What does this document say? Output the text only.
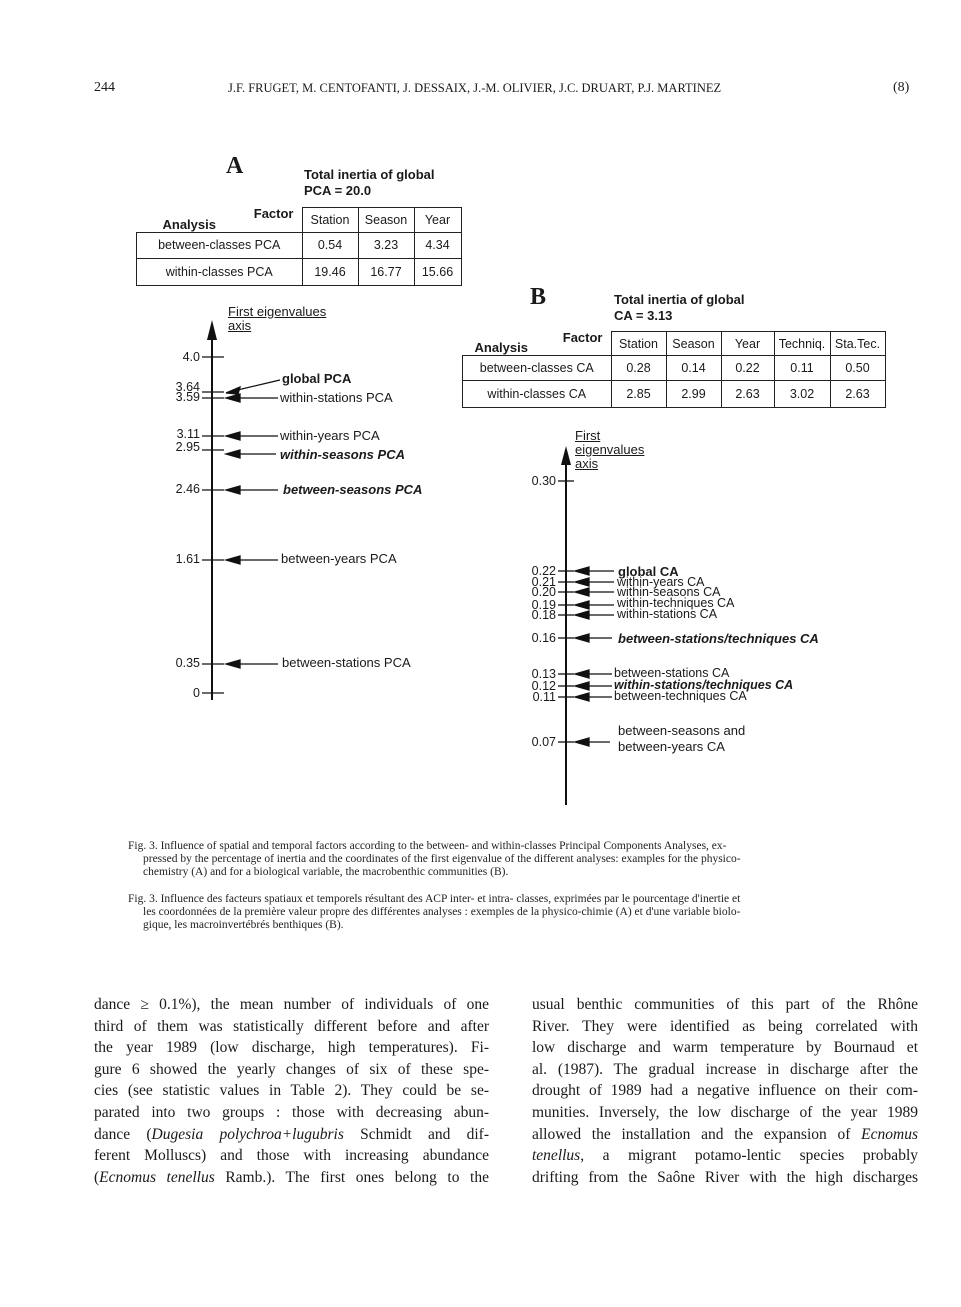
244	J.F. FRUGET, M. CENTOFANTI, J. DESSAIX, J.-M. OLIVIER, J.C. DRUART, P.J. MARTINEZ	(8)
A	Total inertia of global
PCA = 20.0
Factor
Analysis	Station	Season	Year
between-classes PCA	0.54	3.23	4.34
within-classes PCA	19.46	16.77	15.66
First eigenvalues
axis
4.0
3.64
3.59
3.11
2.95
2.46
1.61
0.35
0
global PCA
within-stations PCA
within-years PCA
within-seasons PCA
between-seasons PCA
between-years PCA
between-stations PCA
B	Total inertia of global
CA = 3.13
Factor
Analysis	Station	Season	Year	Techniq.	Sta.Tec.
between-classes CA	0.28	0.14	0.22	0.11	0.50
within-classes CA	2.85	2.99	2.63	3.02	2.63
First
eigenvalues
axis
0.30
0.22
0.21
0.20
0.19
0.18
0.16
0.13
0.12
0.11
0.07
global CA
within-years CA
within-seasons CA
within-techniques CA
within-stations CA
between-stations/techniques CA
between-stations CA
within-stations/techniques CA
between-techniques CA
between-seasons and
between-years CA
Fig. 3. Influence of spatial and temporal factors according to the between- and within-classes Principal Components Analyses, ex-
pressed by the percentage of inertia and the coordinates of the first eigenvalue of the different analyses: examples for the physico-
chemistry (A) and for a biological variable, the macrobenthic communities (B).
Fig. 3. Influence des facteurs spatiaux et temporels résultant des ACP inter- et intra- classes, exprimées par le pourcentage d'inertie et
les coordonnées de la première valeur propre des différentes analyses : exemples de la physico-chimie (A) et d'une variable biolo-
gique, les macroinvertébrés benthiques (B).
dance ≥ 0.1%), the mean number of individuals of one
third of them was statistically different before and after
the year 1989 (low discharge, high temperatures). Fi-
gure 6 showed the yearly changes of six of these spe-
cies (see statistic values in Table 2). They could be se-
parated into two groups : those with decreasing abun-
dance (Dugesia polychroa+lugubris Schmidt and dif-
ferent Molluscs) and those with increasing abundance
(Ecnomus tenellus Ramb.). The first ones belong to the
usual benthic communities of this part of the Rhône
River. They were identified as being correlated with
low discharge and warm temperature by Bournaud et
al. (1987). The gradual increase in discharge after the
drought of 1989 had a negative influence on their com-
munities. Inversely, the low discharge of the year 1989
allowed the installation and the expansion of Ecnomus
tenellus, a migrant potamo-lentic species probably
drifting from the Saône River with the high discharges
